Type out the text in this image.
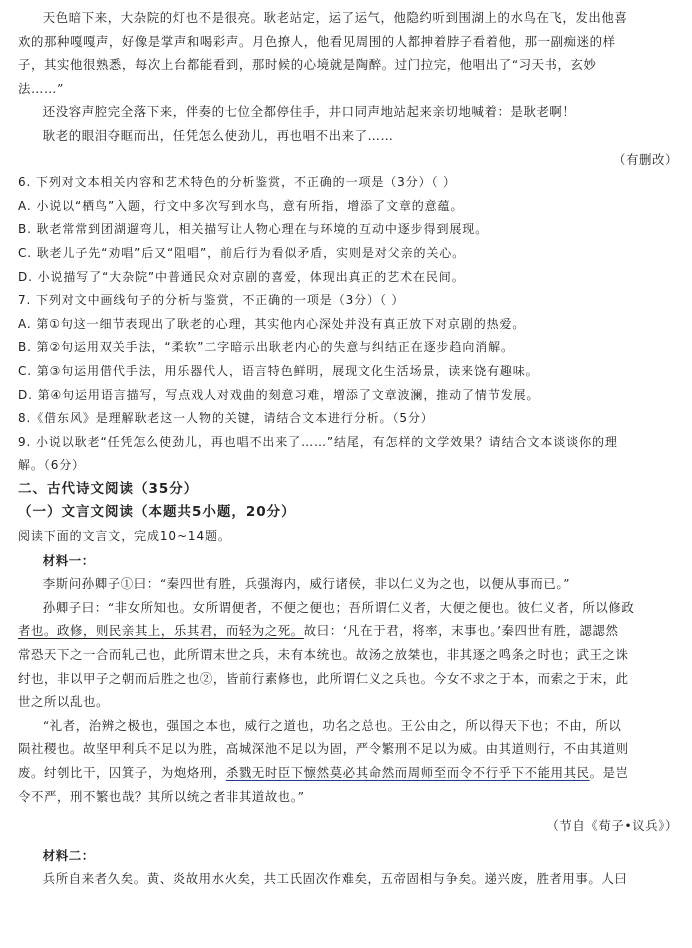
天色暗下来，大杂院的灯也不是很亮。耿老站定，运了运气，他隐约听到围湖上的水鸟在飞，发出他喜

欢的那种嘎嘎声，好像是掌声和喝彩声。月色撩人，他看见周围的人都抻着脖子看着他，那一副痴迷的样

子，其实他很熟悉，每次上台都能看到，那时候的心境就是陶醉。过门拉完，他唱出了“习天书，玄妙

法……”

还没容声腔完全落下来，伴奏的七位全都停住手，井口同声地站起来亲切地喊着：是耿老啊！

耿老的眼泪夺眶而出，任凭怎么使劲儿，再也唱不出来了……

（有删改）

6. 下列对文本相关内容和艺术特色的分析鉴赏，不正确的一项是（3分）（ ）

A. 小说以“栖鸟”入题，行文中多次写到水鸟，意有所指，增添了文章的意蕴。

B. 耿老常常到团湖遛弯儿，相关描写让人物心理在与环境的互动中逐步得到展现。

C. 耿老儿子先“劝唱”后又“阻唱”，前后行为看似矛盾，实则是对父亲的关心。

D. 小说描写了“大杂院”中普通民众对京剧的喜爱，体现出真正的艺术在民间。

7. 下列对文中画线句子的分析与鉴赏，不正确的一项是（3分）（ ）

A. 第①句这一细节表现出了耿老的心理，其实他内心深处并没有真正放下对京剧的热爱。

B. 第②句运用双关手法，“柔软”二字暗示出耿老内心的失意与纠结正在逐步趋向消解。

C. 第③句运用借代手法，用乐器代人，语言特色鲜明，展现文化生活场景，读来饶有趣味。

D. 第④句运用语言描写，写点戏人对戏曲的刻意习难，增添了文章波澜，推动了情节发展。

8.《借东风》是理解耿老这一人物的关键，请结合文本进行分析。（5分）

9. 小说以耿老“任凭怎么使劲儿，再也唱不出来了……”结尾，有怎样的文学效果？请结合文本谈谈你的理

解。（6分）

二、古代诗文阅读（35分）

（一）文言文阅读（本题共5小题，20分）

阅读下面的文言文，完成10~14题。

材料一：

李斯问孙卿子①曰：“秦四世有胜，兵强海内，威行诸侯，非以仁义为之也，以便从事而已。”

孙卿子曰：“非女所知也。女所谓便者，不便之便也；吾所谓仁义者，大便之便也。彼仁义者，所以修政

者也。政修，则民亲其上，乐其君，而轻为之死。故曰：‘凡在于君，将率，末事也。’秦四世有胜，諰諰然

常恐天下之一合而轧己也，此所谓末世之兵，未有本统也。故汤之放桀也，非其逐之鸣条之时也；武王之诛

纣也，非以甲子之朝而后胜之也②，皆前行素修也，此所谓仁义之兵也。今女不求之于本，而索之于末，此

世之所以乱也。

“礼者，治辨之极也，强国之本也，威行之道也，功名之总也。王公由之，所以得天下也；不由，所以

陨社稷也。故坚甲利兵不足以为胜，高城深池不足以为固，严令繁刑不足以为威。由其道则行，不由其道则

废。纣刳比干，囚箕子，为炮烙刑，杀戮无时臣下懔然莫必其命然而周师至而令不行乎下不能用其民。是岂

令不严，刑不繁也哉？其所以统之者非其道故也。”

（节自《荀子•议兵》）

材料二：

兵所自来者久矣。黄、炎故用水火矣，共工氏固次作难矣，五帝固相与争矣。递兴废，胜者用事。人曰
